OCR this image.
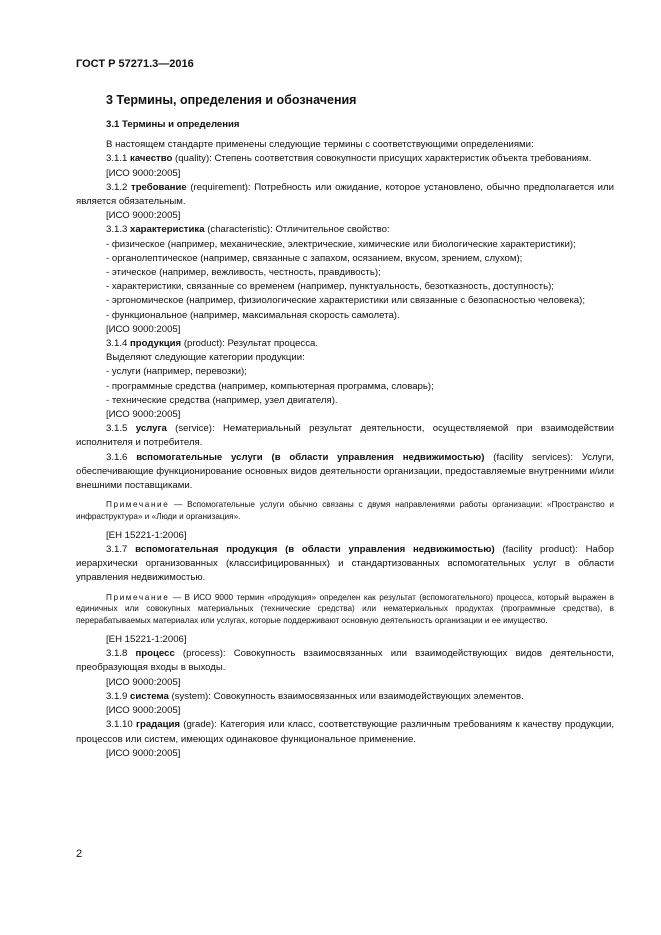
ГОСТ Р 57271.3—2016
3 Термины, определения и обозначения
3.1 Термины и определения

В настоящем стандарте применены следующие термины с соответствующими определениями:

3.1.1 качество (quality): Степень соответствия совокупности присущих характеристик объекта требованиям.

[ИСО 9000:2005]

3.1.2 требование (requirement): Потребность или ожидание, которое установлено, обычно предполагается или является обязательным.

[ИСО 9000:2005]

3.1.3 характеристика (characteristic): Отличительное свойство:

- физическое (например, механические, электрические, химические или биологические характеристики);

- органолептическое (например, связанные с запахом, осязанием, вкусом, зрением, слухом);

- этическое (например, вежливость, честность, правдивость);

- характеристики, связанные со временем (например, пунктуальность, безотказность, доступность);

- эргономическое (например, физиологические характеристики или связанные с безопасностью человека);

- функциональное (например, максимальная скорость самолета).

[ИСО 9000:2005]

3.1.4 продукция (product): Результат процесса.

Выделяют следующие категории продукции:

- услуги (например, перевозки);

- программные средства (например, компьютерная программа, словарь);

- технические средства (например, узел двигателя).

[ИСО 9000:2005]

3.1.5 услуга (service): Нематериальный результат деятельности, осуществляемой при взаимодействии исполнителя и потребителя.

3.1.6 вспомогательные услуги (в области управления недвижимостью) (facility services): Услуги, обеспечивающие функционирование основных видов деятельности организации, предоставляемые внутренними и/или внешними поставщиками.

Примечание — Вспомогательные услуги обычно связаны с двумя направлениями работы организации: «Пространство и инфраструктура» и «Люди и организация».

[ЕН 15221-1:2006]

3.1.7 вспомогательная продукция (в области управления недвижимостью) (facility product): Набор иерархически организованных (классифицированных) и стандартизованных вспомогательных услуг в области управления недвижимостью.

Примечание — В ИСО 9000 термин «продукция» определен как результат (вспомогательного) процесса, который выражен в единичных или совокупных материальных (технические средства) или нематериальных продуктах (программные средства), в перерабатываемых материалах или услугах, которые поддерживают основную деятельность организации и ее имущество.

[ЕН 15221-1:2006]

3.1.8 процесс (process): Совокупность взаимосвязанных или взаимодействующих видов деятельности, преобразующая входы в выходы.

[ИСО 9000:2005]

3.1.9 система (system): Совокупность взаимосвязанных или взаимодействующих элементов.

[ИСО 9000:2005]

3.1.10 градация (grade): Категория или класс, соответствующие различным требованиям к качеству продукции, процессов или систем, имеющих одинаковое функциональное применение.

[ИСО 9000:2005]

2
